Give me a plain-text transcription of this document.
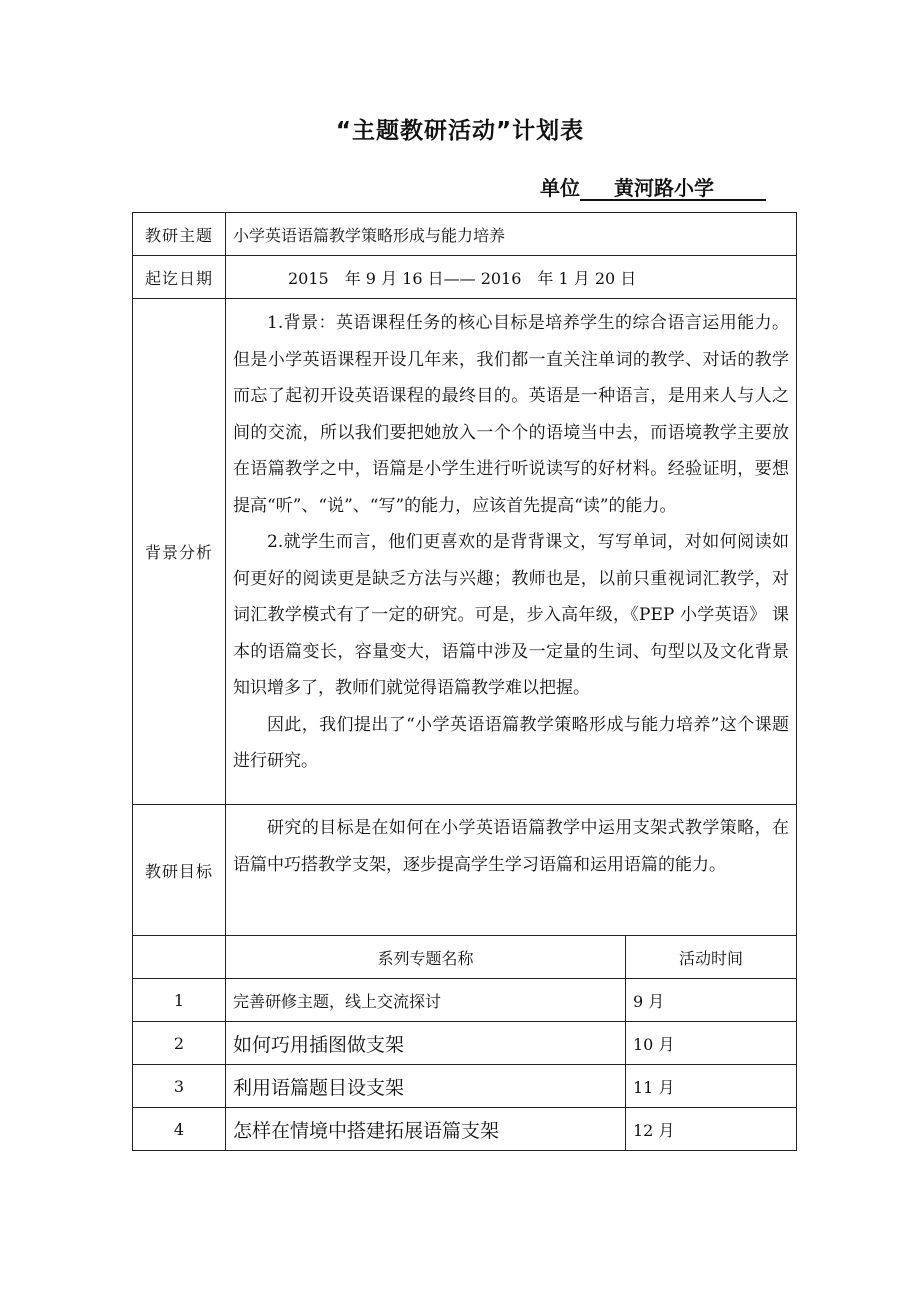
“主题教研活动”计划表
单位 黄河路小学
教研主题	小学英语语篇教学策略形成与能力培养	
起讫日期	2015　年 9 月 16 日—— 2016　年 1 月 20 日	
背景分析	1.背景：英语课程任务的核心目标是培养学生的综合语言运用能力。但是小学英语课程开设几年来，我们都一直关注单词的教学、对话的教学而忘了起初开设英语课程的最终目的。英语是一种语言，是用来人与人之间的交流，所以我们要把她放入一个个的语境当中去，而语境教学主要放在语篇教学之中，语篇是小学生进行听说读写的好材料。经验证明，要想提高“听”、“说”、“写”的能力，应该首先提高“读”的能力。

2.就学生而言，他们更喜欢的是背背课文，写写单词，对如何阅读如何更好的阅读更是缺乏方法与兴趣；教师也是，以前只重视词汇教学，对词汇教学模式有了一定的研究。可是，步入高年级，《PEP 小学英语》 课本的语篇变长，容量变大，语篇中涉及一定量的生词、句型以及文化背景知识增多了，教师们就觉得语篇教学难以把握。

因此，我们提出了“小学英语语篇教学策略形成与能力培养”这个课题进行研究。	

教研目标	研究的目标是在如何在小学英语语篇教学中运用支架式教学策略，在语篇中巧搭教学支架，逐步提高学生学习语篇和运用语篇的能力。	

	系列专题名称	活动时间
1	完善研修主题，线上交流探讨	9 月
2	如何巧用插图做支架	10 月
3	利用语篇题目设支架	11 月
4	怎样在情境中搭建拓展语篇支架	12 月
